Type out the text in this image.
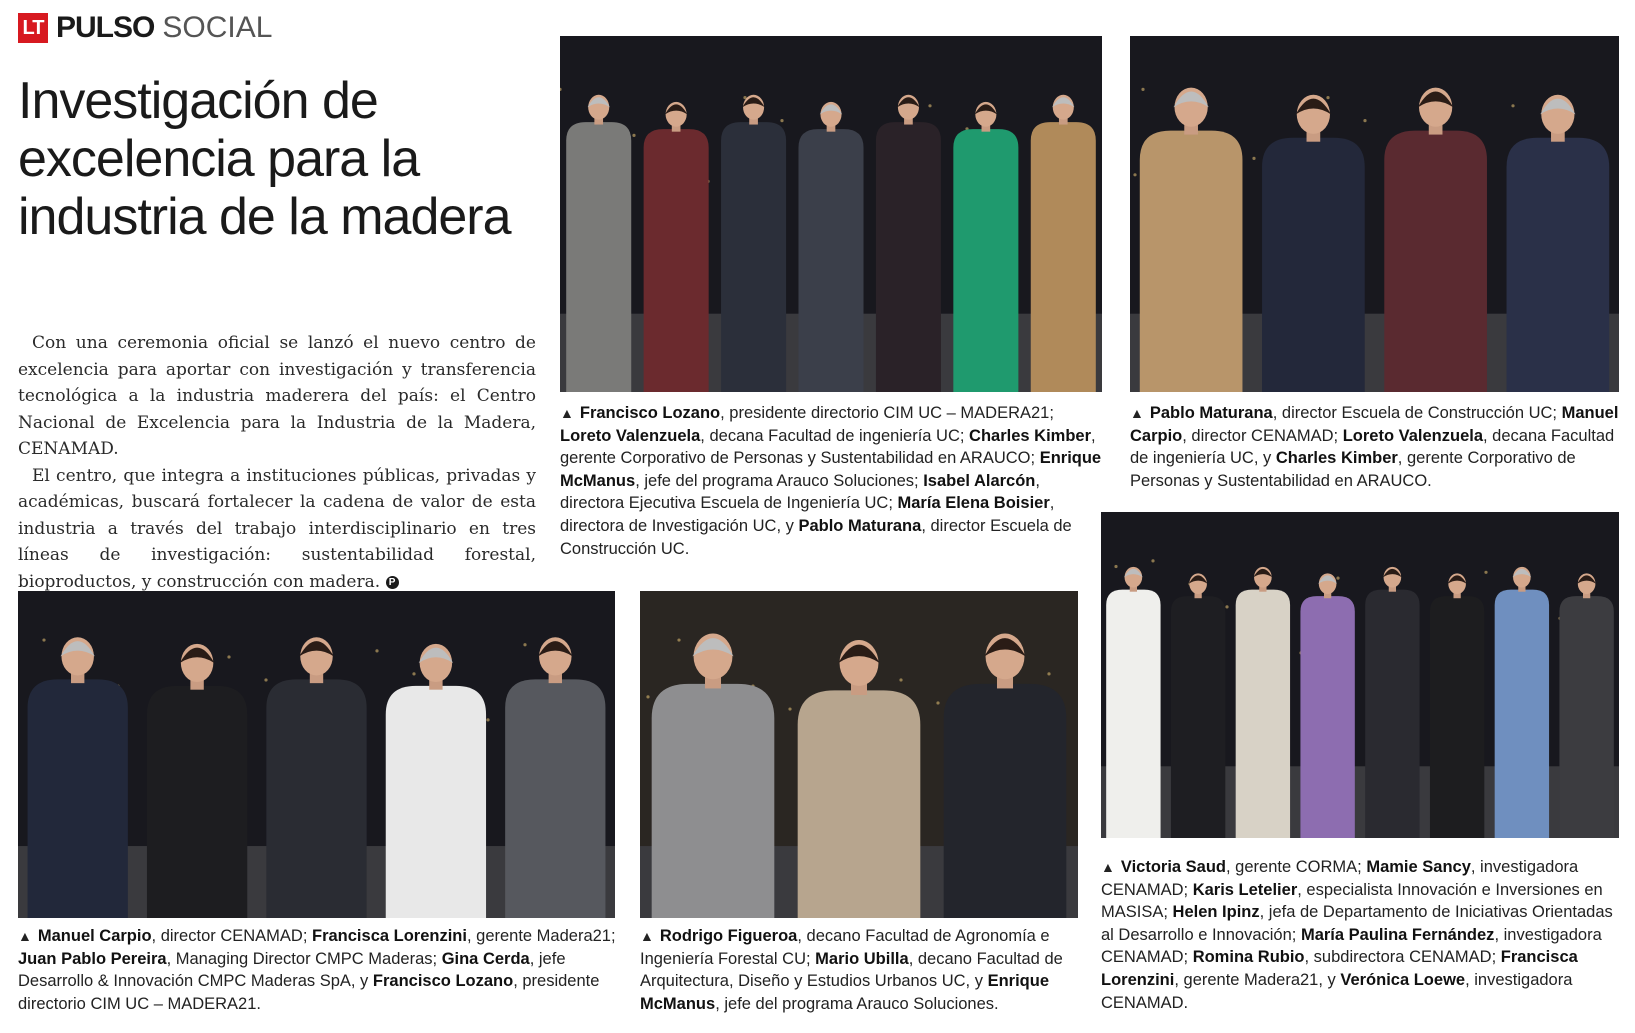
LT PULSO SOCIAL
Investigación de excelencia para la industria de la madera

Con una ceremonia oficial se lanzó el nuevo centro de excelencia para aportar con investigación y transferencia tecnológica a la industria maderera del país: el Centro Nacional de Excelencia para la Industria de la Madera, CENAMAD.

El centro, que integra a instituciones públicas, privadas y académicas, buscará fortalecer la cadena de valor de esta industria a través del trabajo interdisciplinario en tres líneas de investigación: sustentabilidad forestal, bioproductos, y construcción con madera. P

▲ Francisco Lozano, presidente directorio CIM UC – MADERA21; Loreto Valenzuela, decana Facultad de ingeniería UC; Charles Kimber, gerente Corporativo de Personas y Sustentabilidad en ARAUCO; Enrique McManus, jefe del programa Arauco Soluciones; Isabel Alarcón, directora Ejecutiva Escuela de Ingeniería UC; María Elena Boisier, directora de Investigación UC, y Pablo Maturana, director Escuela de Construcción UC.

▲ Pablo Maturana, director Escuela de Construcción UC; Manuel Carpio, director CENAMAD; Loreto Valenzuela, decana Facultad de ingeniería UC, y Charles Kimber, gerente Corporativo de Personas y Sustentabilidad en ARAUCO.

▲ Manuel Carpio, director CENAMAD; Francisca Lorenzini, gerente Madera21; Juan Pablo Pereira, Managing Director CMPC Maderas; Gina Cerda, jefe Desarrollo & Innovación CMPC Maderas SpA, y Francisco Lozano, presidente directorio CIM UC – MADERA21.

▲ Rodrigo Figueroa, decano Facultad de Agronomía e Ingeniería Forestal CU; Mario Ubilla, decano Facultad de Arquitectura, Diseño y Estudios Urbanos UC, y Enrique McManus, jefe del programa Arauco Soluciones.

▲ Victoria Saud, gerente CORMA; Mamie Sancy, investigadora CENAMAD; Karis Letelier, especialista Innovación e Inversiones en MASISA; Helen Ipinz, jefa de Departamento de Iniciativas Orientadas al Desarrollo e Innovación; María Paulina Fernández, investigadora CENAMAD; Romina Rubio, subdirectora CENAMAD; Francisca Lorenzini, gerente Madera21, y Verónica Loewe, investigadora CENAMAD.
